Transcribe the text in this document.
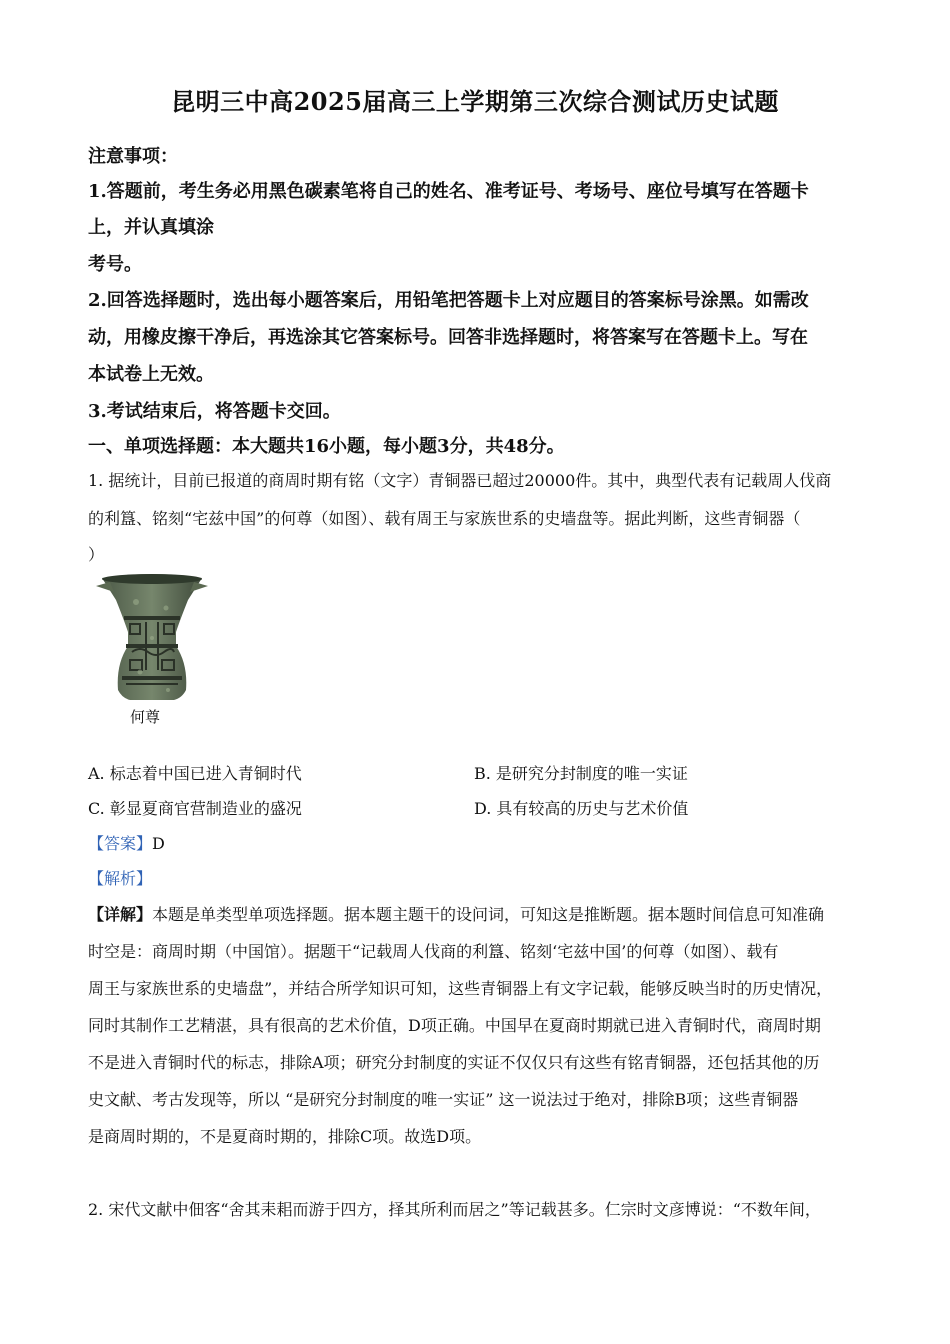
昆明三中高2025届高三上学期第三次综合测试历史试题
注意事项：
1.答题前，考生务必用黑色碳素笔将自己的姓名、准考证号、考场号、座位号填写在答题卡
上，并认真填涂
考号。
2.回答选择题时，选出每小题答案后，用铅笔把答题卡上对应题目的答案标号涂黑。如需改
动，用橡皮擦干净后，再选涂其它答案标号。回答非选择题时，将答案写在答题卡上。写在
本试卷上无效。
3.考试结束后，将答题卡交回。
一、单项选择题：本大题共16小题，每小题3分，共48分。
1. 据统计，目前已报道的商周时期有铭（文字）青铜器已超过20000件。其中，典型代表有记载周人伐商
的利簋、铭刻“宅兹中国”的何尊（如图）、载有周王与家族世系的史墙盘等。据此判断，这些青铜器（
）
何尊
A. 标志着中国已进入青铜时代	B. 是研究分封制度的唯一实证
C. 彰显夏商官营制造业的盛况	D. 具有较高的历史与艺术价值
【答案】D
【解析】
【详解】本题是单类型单项选择题。据本题主题干的设问词，可知这是推断题。据本题时间信息可知准确
时空是：商周时期（中国馆）。据题干“记载周人伐商的利簋、铭刻‘宅兹中国’的何尊（如图）、载有
周王与家族世系的史墙盘”，并结合所学知识可知，这些青铜器上有文字记载，能够反映当时的历史情况，
同时其制作工艺精湛，具有很高的艺术价值，D项正确。中国早在夏商时期就已进入青铜时代，商周时期
不是进入青铜时代的标志，排除A项；研究分封制度的实证不仅仅只有这些有铭青铜器，还包括其他的历
史文献、考古发现等，所以 “是研究分封制度的唯一实证” 这一说法过于绝对，排除B项；这些青铜器
是商周时期的，不是夏商时期的，排除C项。故选D项。
2. 宋代文献中佃客“舍其耒耜而游于四方，择其所利而居之”等记载甚多。仁宗时文彦博说：“不数年间，
